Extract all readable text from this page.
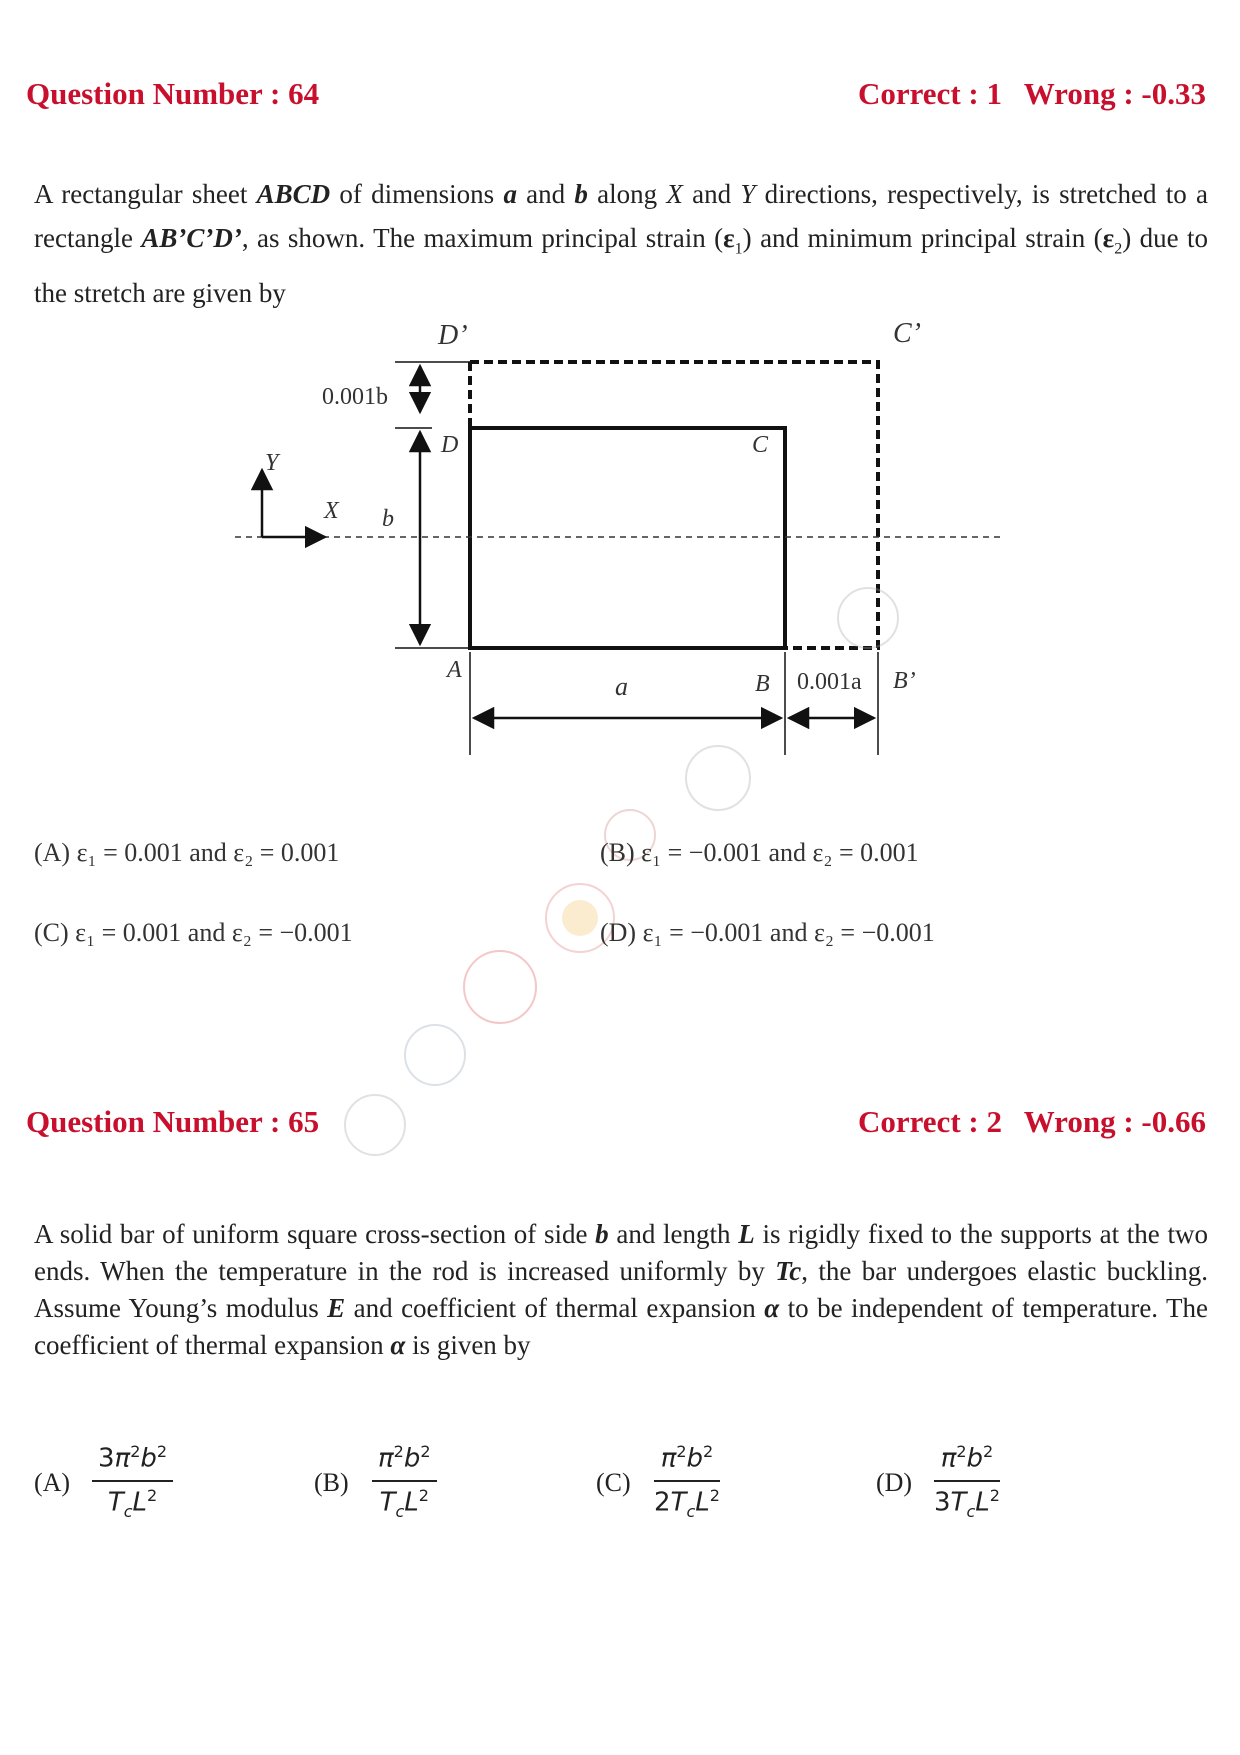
Question Number : 64	Correct : 1 Wrong : -0.33
A rectangular sheet ABCD of dimensions a and b along X and Y directions, respectively, is stretched to a rectangle AB’C’D’, as shown. The maximum principal strain $(\varepsilon_1)$ and minimum principal strain $(\varepsilon_2)$ due to the stretch are given by
Y
X b
0.001b
a	0.001a
D’	C’
D	C
A
B	B’
(A) ε₁ = 0.001 and ε₂ = 0.001	(B) ε₁ = −0.001 and ε₂ = 0.001
(C) ε₁ = 0.001 and ε₂ = −0.001	(D) ε₁ = −0.001 and ε₂ = −0.001
Question Number : 65	Correct : 2 Wrong : -0.66
A solid bar of uniform square cross-section of side b and length L is rigidly fixed to the supports at the two ends. When the temperature in the rod is increased uniformly by Tc, the bar undergoes elastic buckling. Assume Young’s modulus E and coefficient of thermal expansion α to be independent of temperature. The coefficient of thermal expansion α is given by
(A)
$3\pi^2b^2$
$T_cL^2$	(B)
$\pi^2b^2$
$T_cL^2$	(C)
$\pi^2b^2$
$2T_cL^2$	(D)
$\pi^2b^2$
$3T_cL^2$
